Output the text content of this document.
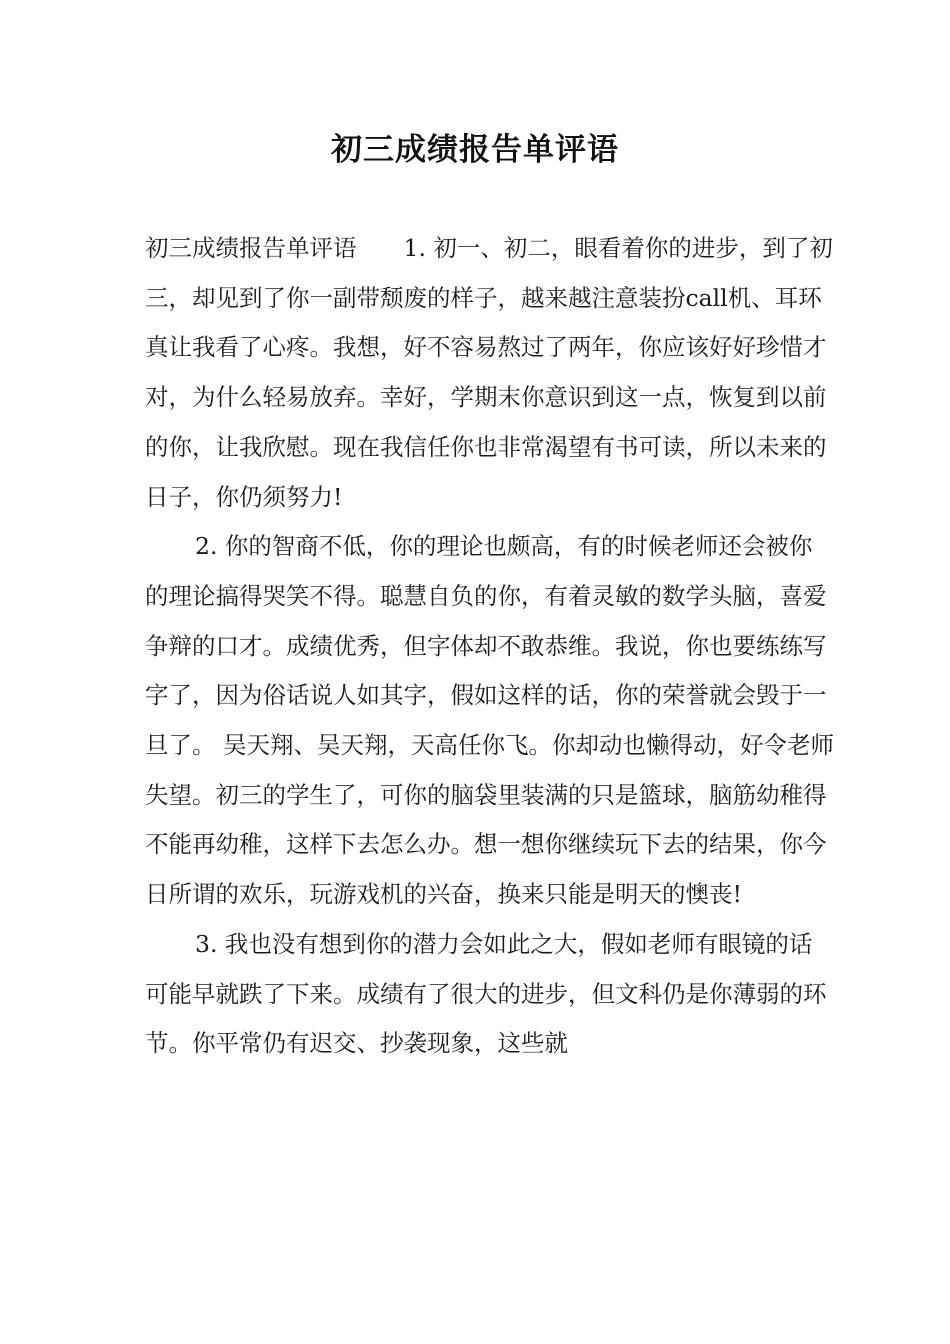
初三成绩报告单评语

初三成绩报告单评语　　1. 初一、初二，眼看着你的进步，到了初三，却见到了你一副带颓废的样子，越来越注意装扮call机、耳环真让我看了心疼。我想，好不容易熬过了两年，你应该好好珍惜才对，为什么轻易放弃。幸好，学期末你意识到这一点，恢复到以前的你，让我欣慰。现在我信任你也非常渴望有书可读，所以未来的日子，你仍须努力!

2. 你的智商不低，你的理论也颇高，有的时候老师还会被你的理论搞得哭笑不得。聪慧自负的你，有着灵敏的数学头脑，喜爱争辩的口才。成绩优秀，但字体却不敢恭维。我说，你也要练练写字了，因为俗话说人如其字，假如这样的话，你的荣誉就会毁于一旦了。 吴天翔、吴天翔，天高任你飞。你却动也懒得动，好令老师失望。初三的学生了，可你的脑袋里装满的只是篮球，脑筋幼稚得不能再幼稚，这样下去怎么办。想一想你继续玩下去的结果，你今日所谓的欢乐，玩游戏机的兴奋，换来只能是明天的懊丧!

3. 我也没有想到你的潜力会如此之大，假如老师有眼镜的话可能早就跌了下来。成绩有了很大的进步，但文科仍是你薄弱的环节。你平常仍有迟交、抄袭现象，这些就
